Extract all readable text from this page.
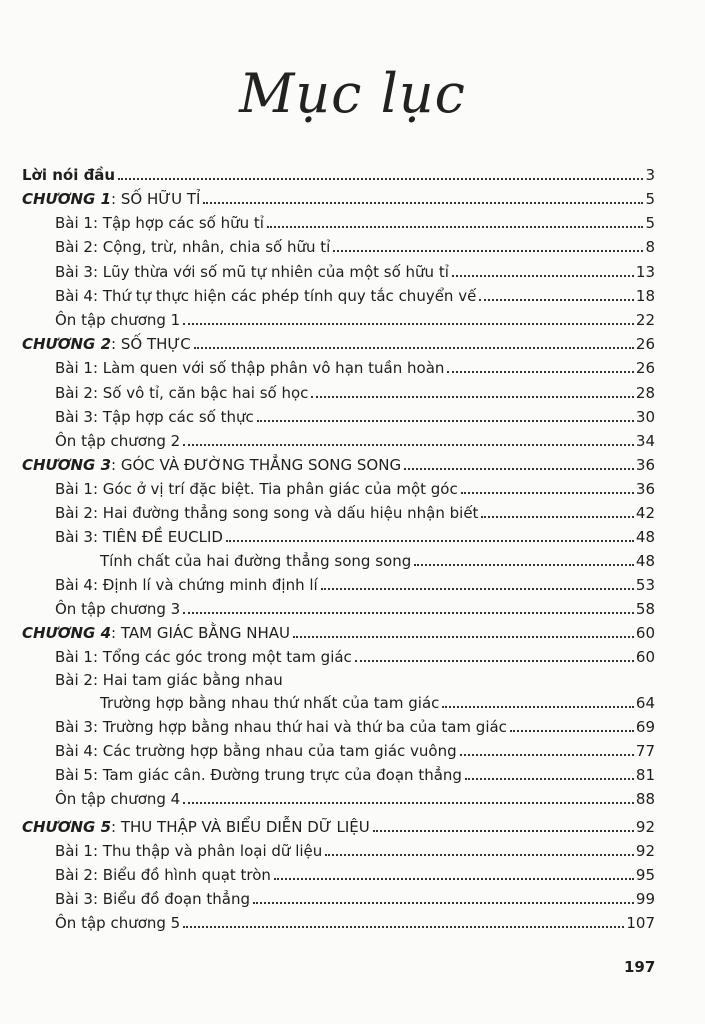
Mục lục
Lời nói đầu	3
CHƯƠNG 1: SỐ HỮU TỈ	5
Bài 1: Tập hợp các số hữu tỉ	5
Bài 2: Cộng, trừ, nhân, chia số hữu tỉ	8
Bài 3: Lũy thừa với số mũ tự nhiên của một số hữu tỉ	13
Bài 4: Thứ tự thực hiện các phép tính quy tắc chuyển vế	18
Ôn tập chương 1	22
CHƯƠNG 2: SỐ THỰC	26
Bài 1: Làm quen với số thập phân vô hạn tuần hoàn	26
Bài 2: Số vô tỉ, căn bậc hai số học	28
Bài 3: Tập hợp các số thực	30
Ôn tập chương 2	34
CHƯƠNG 3: GÓC VÀ ĐƯỜNG THẲNG SONG SONG	36
Bài 1: Góc ở vị trí đặc biệt. Tia phân giác của một góc	36
Bài 2: Hai đường thẳng song song và dấu hiệu nhận biết	42
Bài 3: TIÊN ĐỀ EUCLID	48
Tính chất của hai đường thẳng song song	48
Bài 4: Định lí và chứng minh định lí	53
Ôn tập chương 3	58
CHƯƠNG 4: TAM GIÁC BẰNG NHAU	60
Bài 1: Tổng các góc trong một tam giác	60
Bài 2: Hai tam giác bằng nhau
Trường hợp bằng nhau thứ nhất của tam giác	64
Bài 3: Trường hợp bằng nhau thứ hai và thứ ba của tam giác	69
Bài 4: Các trường hợp bằng nhau của tam giác vuông	77
Bài 5: Tam giác cân. Đường trung trực của đoạn thẳng	81
Ôn tập chương 4	88
CHƯƠNG 5: THU THẬP VÀ BIỂU DIỄN DỮ LIỆU	92
Bài 1: Thu thập và phân loại dữ liệu	92
Bài 2: Biểu đồ hình quạt tròn	95
Bài 3: Biểu đồ đoạn thẳng	99
Ôn tập chương 5	107
197
